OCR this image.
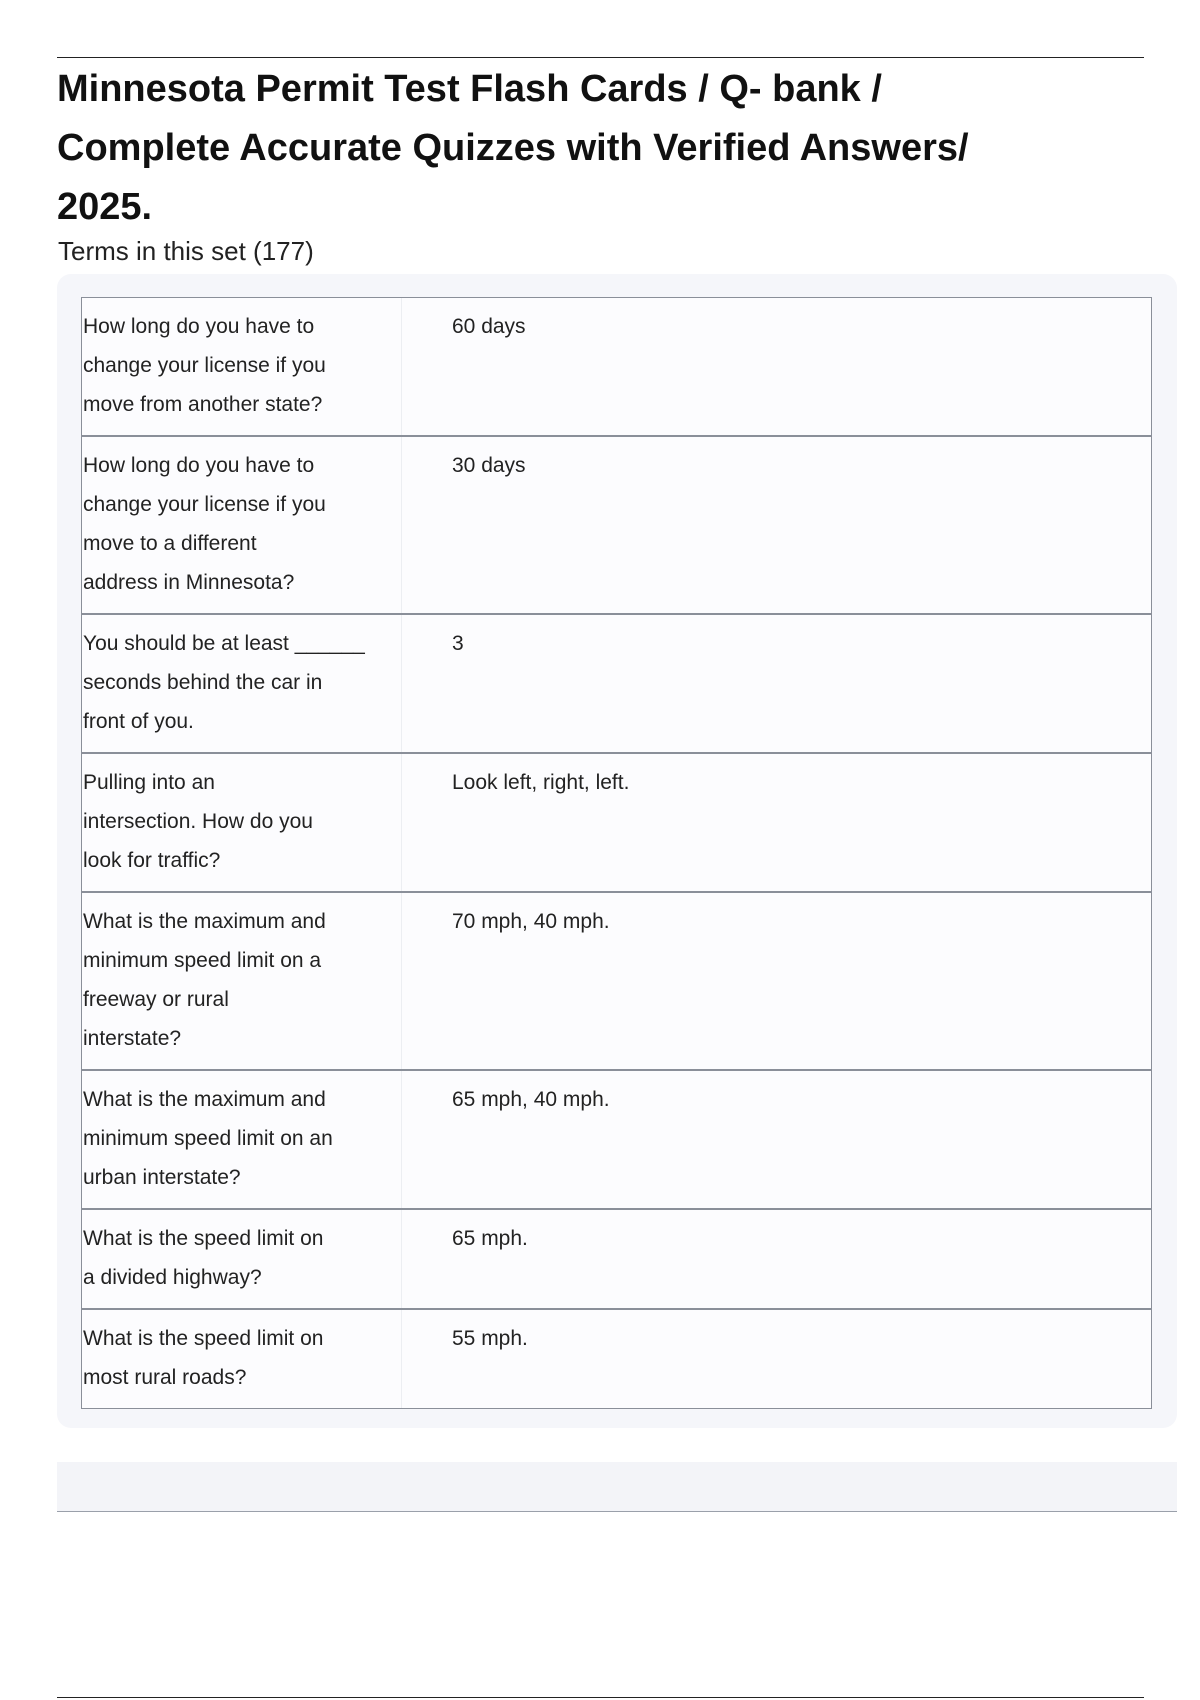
Minnesota Permit Test Flash Cards / Q- bank /
Complete Accurate Quizzes with Verified Answers/
2025.
Terms in this set (177)
How long do you have to
change your license if you
move from another state?
60 days
How long do you have to
change your license if you
move to a different
address in Minnesota?
30 days
You should be at least ______
seconds behind the car in
front of you.
3
Pulling into an
intersection. How do you
look for traffic?
Look left, right, left.
What is the maximum and
minimum speed limit on a
freeway or rural
interstate?
70 mph, 40 mph.
What is the maximum and
minimum speed limit on an
urban interstate?
65 mph, 40 mph.
What is the speed limit on
a divided highway?
65 mph.
What is the speed limit on
most rural roads?
55 mph.
